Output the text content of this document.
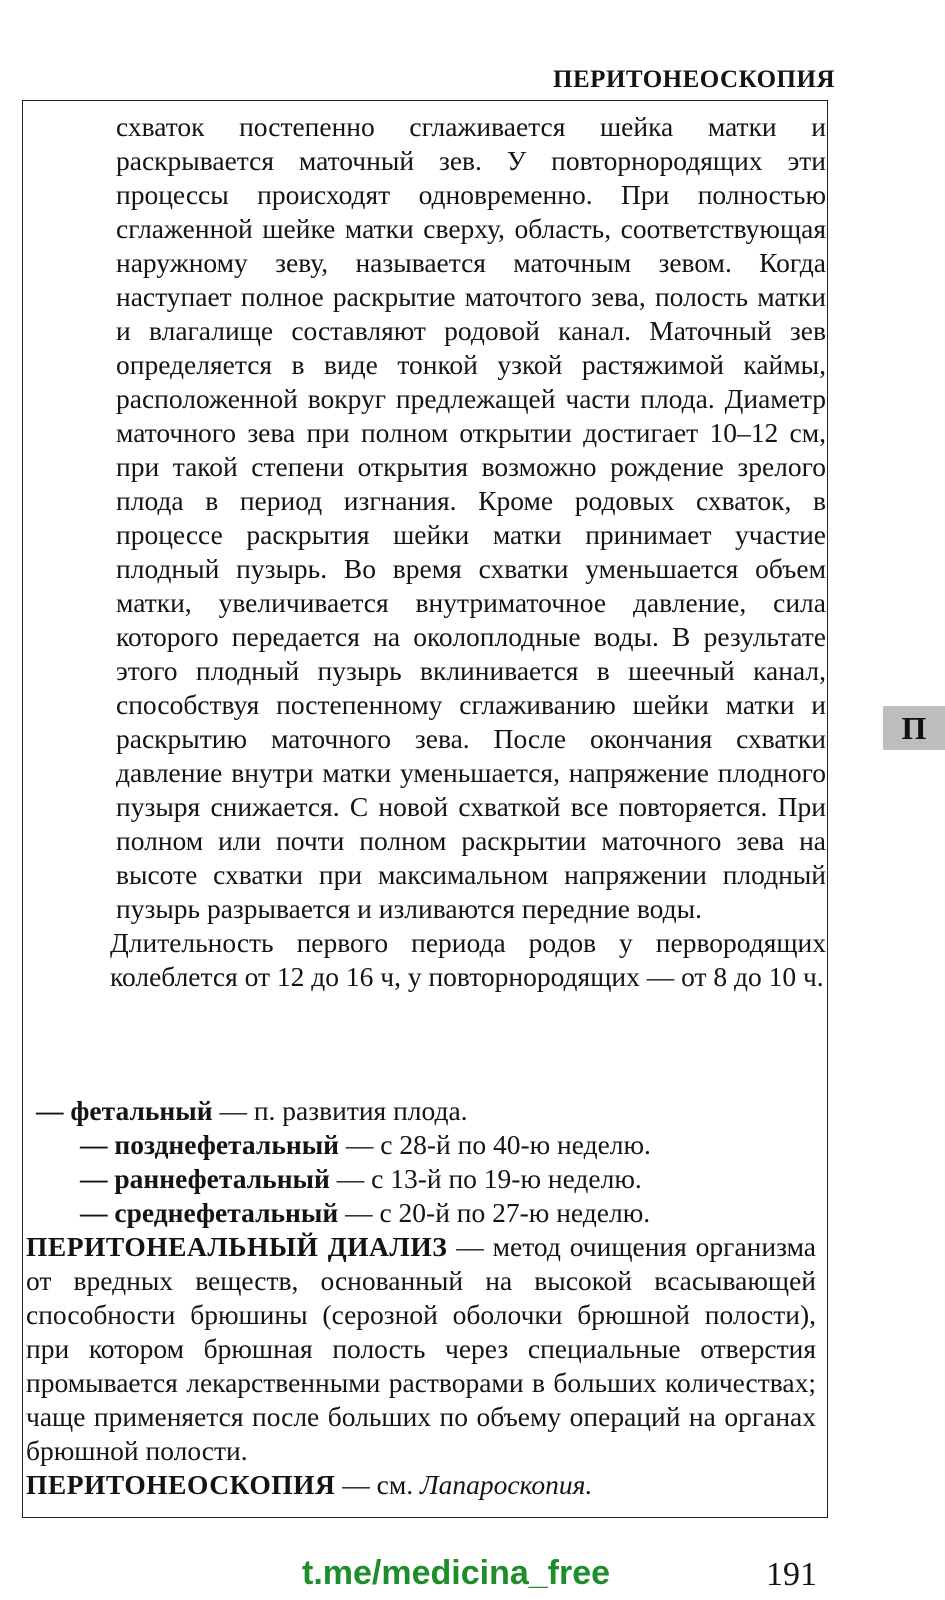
ПЕРИТОНЕОСКОПИЯ

схваток постепенно сглаживается шейка матки и раскрывается маточный зев. У повторнородящих эти процессы происходят одновременно. При полностью сглаженной шейке матки сверху, область, соответствующая наружному зеву, называется маточным зевом. Когда наступает полное раскрытие маточтого зева, полость матки и влагалище составляют родовой канал. Маточный зев определяется в виде тонкой узкой растяжимой каймы, расположенной вокруг предлежащей части плода. Диаметр маточного зева при полном открытии достигает 10–12 см, при такой степени открытия возможно рождение зрелого плода в период изгнания. Кроме родовых схваток, в процессе раскрытия шейки матки принимает участие плодный пузырь. Во время схватки уменьшается объем матки, увеличивается внутриматочное давление, сила которого передается на околоплодные воды. В результате этого плодный пузырь вклинивается в шеечный канал, способствуя постепенному сглаживанию шейки матки и раскрытию маточного зева. После окончания схватки давление внутри матки уменьшается, напряжение плодного пузыря снижается. С новой схваткой все повторяется. При полном или почти полном раскрытии маточного зева на высоте схватки при максимальном напряжении плодный пузырь разрывается и изливаются передние воды.

Длительность первого периода родов у первородящих колеблется от 12 до 16 ч, у повторнородящих — от 8 до 10 ч.

— фетальный — п. развития плода.
— позднефетальный — с 28-й по 40-ю неделю.
— раннефетальный — с 13-й по 19-ю неделю.
— среднефетальный — с 20-й по 27-ю неделю.
ПЕРИТОНЕАЛЬНЫЙ ДИАЛИЗ — метод очищения организма от вредных веществ, основанный на высокой всасывающей способности брюшины (серозной оболочки брюшной полости), при котором брюшная полость через специальные отверстия промывается лекарственными растворами в больших количествах; чаще применяется после больших по объему операций на органах брюшной полости.
ПЕРИТОНЕОСКОПИЯ — см. Лапароскопия.
П
t.me/medicina_free	191
